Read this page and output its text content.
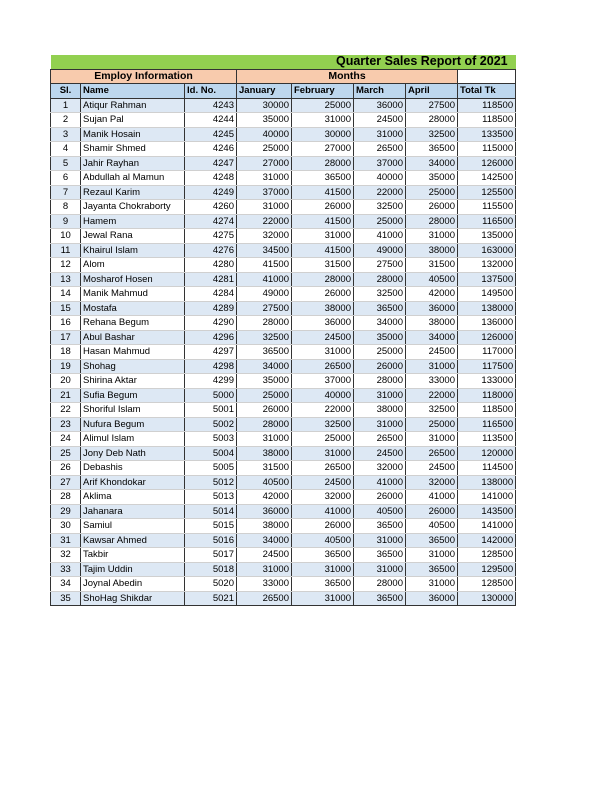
Quarter Sales Report of 2021							
Employ Information			Months				
Sl.	Name	Id. No.	January	February	March	April	Total Tk
1	Atiqur Rahman	4243	30000	25000	36000	27500	118500
2	Sujan Pal	4244	35000	31000	24500	28000	118500
3	Manik Hosain	4245	40000	30000	31000	32500	133500
4	Shamir Shmed	4246	25000	27000	26500	36500	115000
5	Jahir Rayhan	4247	27000	28000	37000	34000	126000
6	Abdullah al Mamun	4248	31000	36500	40000	35000	142500
7	Rezaul Karim	4249	37000	41500	22000	25000	125500
8	Jayanta Chokraborty	4260	31000	26000	32500	26000	115500
9	Hamem	4274	22000	41500	25000	28000	116500
10	Jewal Rana	4275	32000	31000	41000	31000	135000
11	Khairul Islam	4276	34500	41500	49000	38000	163000
12	Alom	4280	41500	31500	27500	31500	132000
13	Mosharof Hosen	4281	41000	28000	28000	40500	137500
14	Manik Mahmud	4284	49000	26000	32500	42000	149500
15	Mostafa	4289	27500	38000	36500	36000	138000
16	Rehana Begum	4290	28000	36000	34000	38000	136000
17	Abul Bashar	4296	32500	24500	35000	34000	126000
18	Hasan Mahmud	4297	36500	31000	25000	24500	117000
19	Shohag	4298	34000	26500	26000	31000	117500
20	Shirina Aktar	4299	35000	37000	28000	33000	133000
21	Sufia Begum	5000	25000	40000	31000	22000	118000
22	Shoriful Islam	5001	26000	22000	38000	32500	118500
23	Nufura Begum	5002	28000	32500	31000	25000	116500
24	Alimul Islam	5003	31000	25000	26500	31000	113500
25	Jony Deb Nath	5004	38000	31000	24500	26500	120000
26	Debashis	5005	31500	26500	32000	24500	114500
27	Arif Khondokar	5012	40500	24500	41000	32000	138000
28	Aklima	5013	42000	32000	26000	41000	141000
29	Jahanara	5014	36000	41000	40500	26000	143500
30	Samiul	5015	38000	26000	36500	40500	141000
31	Kawsar Ahmed	5016	34000	40500	31000	36500	142000
32	Takbir	5017	24500	36500	36500	31000	128500
33	Tajim Uddin	5018	31000	31000	31000	36500	129500
34	Joynal Abedin	5020	33000	36500	28000	31000	128500
35	ShoHag Shikdar	5021	26500	31000	36500	36000	130000
